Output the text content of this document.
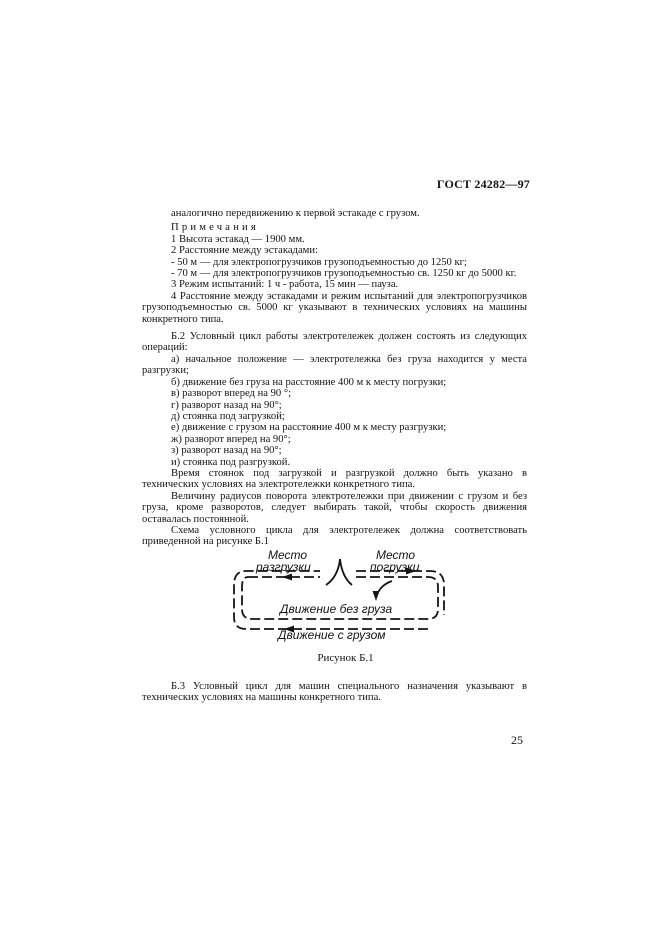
ГОСТ 24282—97

аналогично передвижению к первой эстакаде с грузом.

Примечания

1 Высота эстакад — 1900 мм.

2 Расстояние между эстакадами:

- 50 м — для электропогрузчиков грузоподъемностью до 1250 кг;

- 70 м — для электропогрузчиков грузоподъемностью св. 1250 кг до 5000 кг.

3 Режим испытаний: 1 ч - работа, 15 мин — пауза.

4 Расстояние между эстакадами и режим испытаний для электропогрузчиков грузоподъемностью св. 5000 кг указывают в технических условиях на машины конкретного типа.

Б.2 Условный цикл работы электротележек должен состоять из следующих операций:

а) начальное положение — электротележка без груза находится у места разгрузки;

б) движение без груза на расстояние 400 м к месту погрузки;

в) разворот вперед на 90 °;

г) разворот назад на 90°;

д) стоянка под загрузкой;

е) движение с грузом на расстояние 400 м к месту разгрузки;

ж) разворот вперед на 90°;

з) разворот назад на 90°;

и) стоянка под разгрузкой.

Время стоянок под загрузкой и разгрузкой должно быть указано в технических условиях на электротележки конкретного типа.

Величину радиусов поворота электротележки при движении с грузом и без груза, кроме разворотов, следует выбирать такой, чтобы скорость движения оставалась постоянной.

Схема условного цикла для электротележек должна соответствовать приведенной на рисунке Б.1

Место
разгрузки
Место
погрузки
Движение без груза
Движение с грузом
Рисунок Б.1

Б.3 Условный цикл для машин специального назначения указывают в технических условиях на машины конкретного типа.

25
